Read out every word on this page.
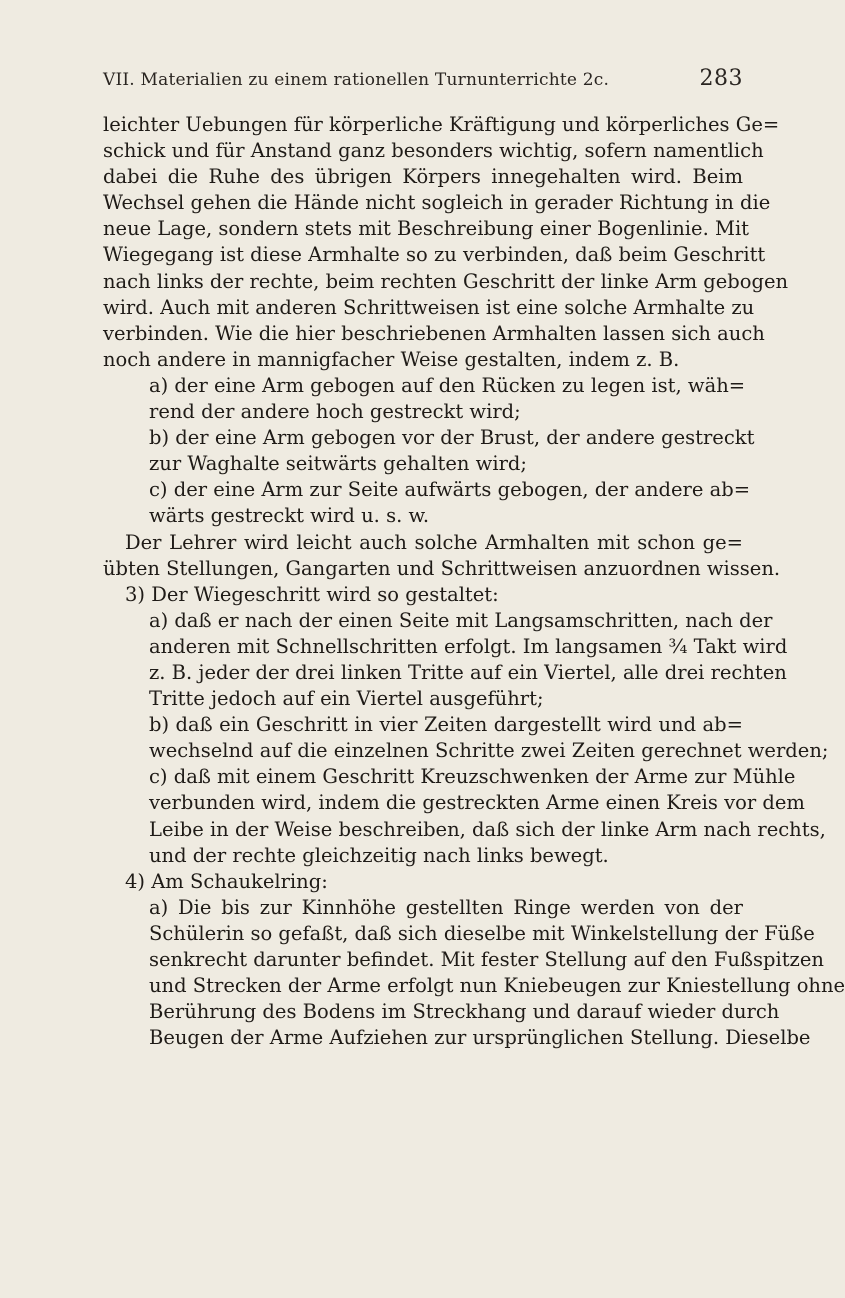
VII. Materialien zu einem rationellen Turnunterrichte 2c.	283
leichter Uebungen für körperliche Kräftigung und körperliches Ge=
schick und für Anstand ganz besonders wichtig, sofern namentlich
dabei die Ruhe des übrigen Körpers innegehalten wird. Beim
Wechsel gehen die Hände nicht sogleich in gerader Richtung in die
neue Lage, sondern stets mit Beschreibung einer Bogenlinie. Mit
Wiegegang ist diese Armhalte so zu verbinden, daß beim Geschritt
nach links der rechte, beim rechten Geschritt der linke Arm gebogen
wird. Auch mit anderen Schrittweisen ist eine solche Armhalte zu
verbinden. Wie die hier beschriebenen Armhalten lassen sich auch
noch andere in mannigfacher Weise gestalten, indem z. B.
a) der eine Arm gebogen auf den Rücken zu legen ist, wäh=
rend der andere hoch gestreckt wird;
b) der eine Arm gebogen vor der Brust, der andere gestreckt
zur Waghalte seitwärts gehalten wird;
c) der eine Arm zur Seite aufwärts gebogen, der andere ab=
wärts gestreckt wird u. s. w.
Der Lehrer wird leicht auch solche Armhalten mit schon ge=
übten Stellungen, Gangarten und Schrittweisen anzuordnen wissen.
3) Der Wiegeschritt wird so gestaltet:
a) daß er nach der einen Seite mit Langsamschritten, nach der
anderen mit Schnellschritten erfolgt. Im langsamen ¾ Takt wird
z. B. jeder der drei linken Tritte auf ein Viertel, alle drei rechten
Tritte jedoch auf ein Viertel ausgeführt;
b) daß ein Geschritt in vier Zeiten dargestellt wird und ab=
wechselnd auf die einzelnen Schritte zwei Zeiten gerechnet werden;
c) daß mit einem Geschritt Kreuzschwenken der Arme zur Mühle
verbunden wird, indem die gestreckten Arme einen Kreis vor dem
Leibe in der Weise beschreiben, daß sich der linke Arm nach rechts,
und der rechte gleichzeitig nach links bewegt.
4) Am Schaukelring:
a) Die bis zur Kinnhöhe gestellten Ringe werden von der
Schülerin so gefaßt, daß sich dieselbe mit Winkelstellung der Füße
senkrecht darunter befindet. Mit fester Stellung auf den Fußspitzen
und Strecken der Arme erfolgt nun Kniebeugen zur Kniestellung ohne
Berührung des Bodens im Streckhang und darauf wieder durch
Beugen der Arme Aufziehen zur ursprünglichen Stellung. Dieselbe
